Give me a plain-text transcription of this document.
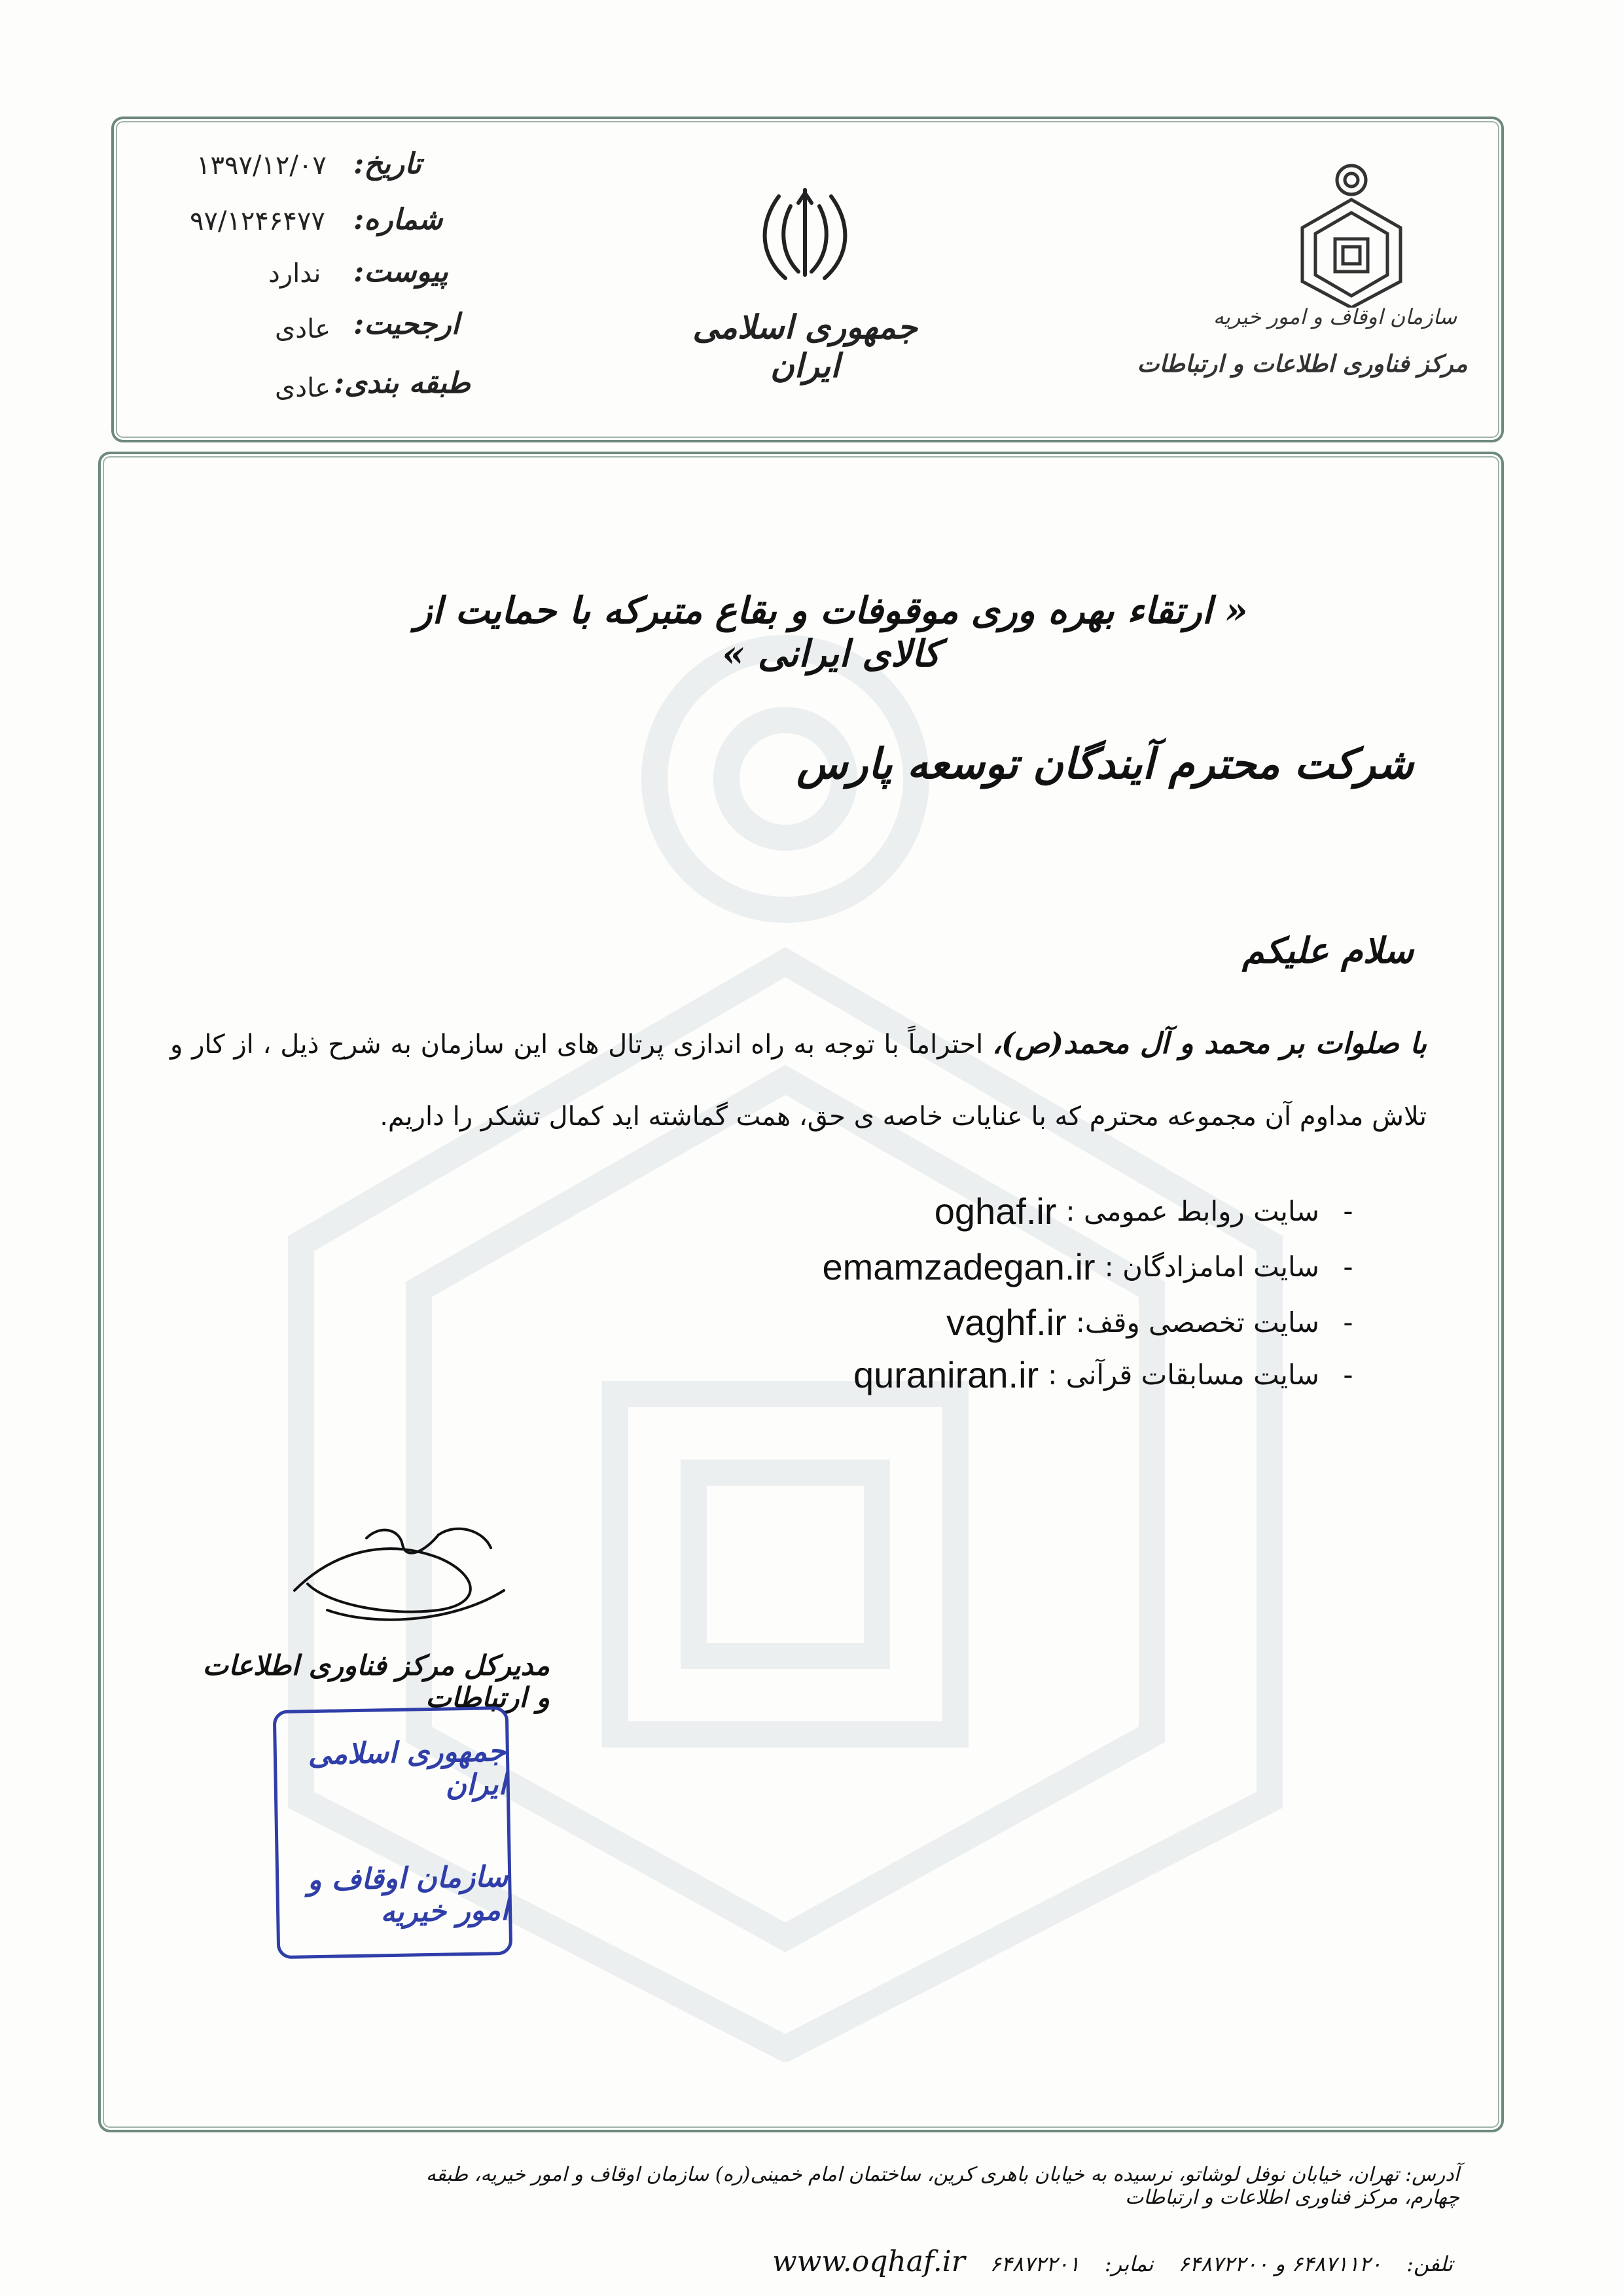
تاریخ:
۱۳۹۷/۱۲/۰۷
شماره:
۹۷/۱۲۴۶۴۷۷
پیوست:
ندارد
ارجحیت:
عادی
طبقه بندی:
عادی
جمهوری اسلامی ایران
سازمان اوقاف و امور خیریه
مرکز فناوری اطلاعات و ارتباطات
« ارتقاء بهره وری موقوفات و بقاع متبرکه با حمایت از کالای ایرانی »
شرکت محترم آیندگان توسعه پارس
سلام علیکم
با صلوات بر محمد و آل محمد(ص)، احتراماً با توجه به راه اندازی پرتال های این سازمان به شرح ذیل ، از کار و تلاش مداوم آن مجموعه محترم که با عنایات خاصه ی حق، همت گماشته اید کمال تشکر را داریم.
-
سایت روابط عمومی :
oghaf.ir
-
سایت امامزادگان :
emamzadegan.ir
-
سایت تخصصی وقف:
vaghf.ir
-
سایت مسابقات قرآنی :
quraniran.ir
مدیرکل مرکز فناوری اطلاعات و ارتباطات
جمهوری اسلامی ایران
سازمان اوقاف و امور خیریه
آدرس: تهران، خیابان نوفل لوشاتو، نرسیده به خیابان باهری کرین، ساختمان امام خمینی(ره) سازمان اوقاف و امور خیریه، طبقه چهارم، مرکز فناوری اطلاعات و ارتباطات
تلفن:
۶۴۸۷۱۱۲۰ و ۶۴۸۷۲۲۰۰
نمابر:
۶۴۸۷۲۲۰۱
www.oqhaf.ir
